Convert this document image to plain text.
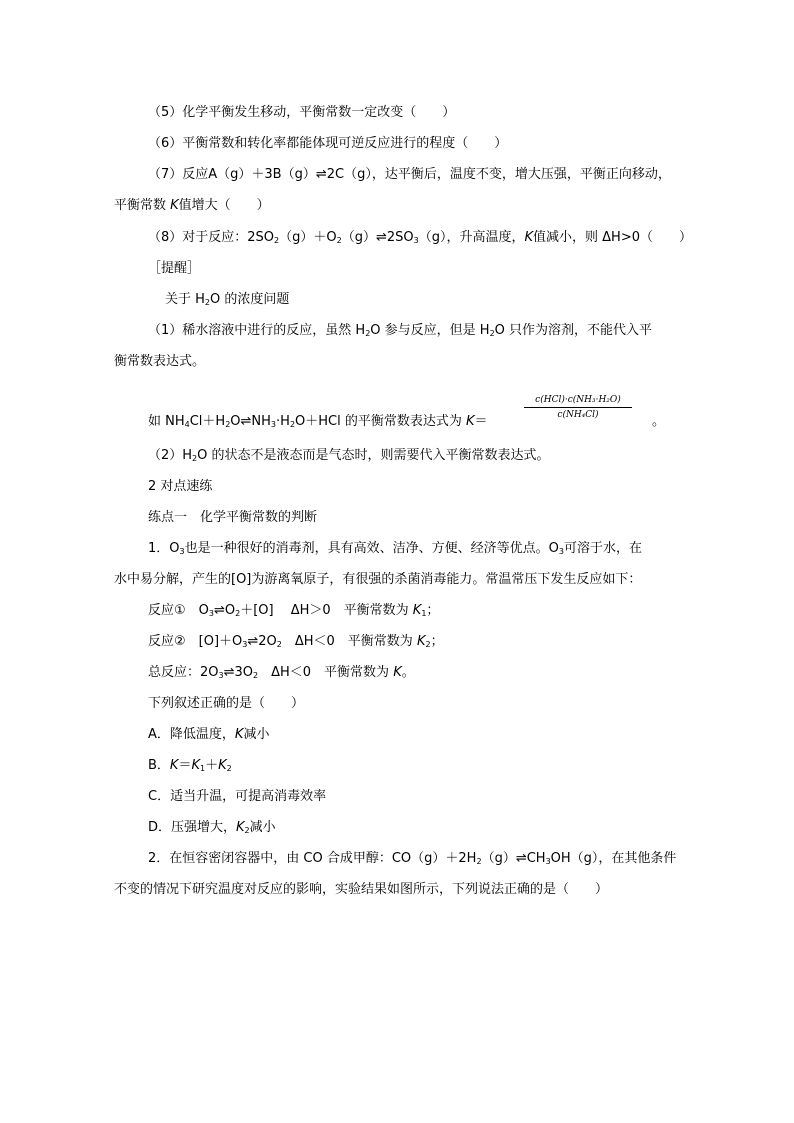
（5）化学平衡发生移动，平衡常数一定改变（　　）
（6）平衡常数和转化率都能体现可逆反应进行的程度（　　）
（7）反应A（g）＋3B（g）⇌2C（g），达平衡后，温度不变，增大压强，平衡正向移动，
平衡常数 K值增大（　　）
（8）对于反应：$2SO_2(g)+O_2(g)\rightleftharpoons 2SO_3(g)$，升高温度，K值减小，则 ΔH>0（　　）
［提醒］
关于 $H_2O$ 的浓度问题
（1）稀水溶液中进行的反应，虽然 $H_2O$ 参与反应，但是 $H_2O$ 只作为溶剂，不能代入平
衡常数表达式。
如 $NH_4Cl+H_2O\rightleftharpoons NH_3\cdot H_2O+HCl$ 的平衡常数表达式为 K＝
c(HCl)·c(NH₃·H₂O)
c(NH₄Cl)	。
$(2)H_2O$ 的状态不是液态而是气态时，则需要代入平衡常数表达式。
2 对点速练
练点一　化学平衡常数的判断
1．$O_3$也是一种很好的消毒剂，具有高效、洁净、方便、经济等优点。$O_3$可溶于水，在
水中易分解，产生的[O]为游离氧原子，有很强的杀菌消毒能力。常温常压下发生反应如下：
反应①　$O_3\rightleftharpoons O_2+[O]$　 ΔH＞0　平衡常数为 $K_1$；
反应②　$[O]+O_3\rightleftharpoons 2O_2$　ΔH＜0　平衡常数为 $K_2$；
总反应：$2O_3\rightleftharpoons 3O_2$　ΔH＜0　平衡常数为 K。
下列叙述正确的是（　　）
A．降低温度，K减小
B．$K=K_1+K_2$
C．适当升温，可提高消毒效率
D．压强增大，$K_2$减小
2．在恒容密闭容器中，由 CO 合成甲醇：$CO(g)+2H_2(g)\rightleftharpoons CH_3OH(g)$，在其他条件
不变的情况下研究温度对反应的影响，实验结果如图所示，下列说法正确的是（　　）
